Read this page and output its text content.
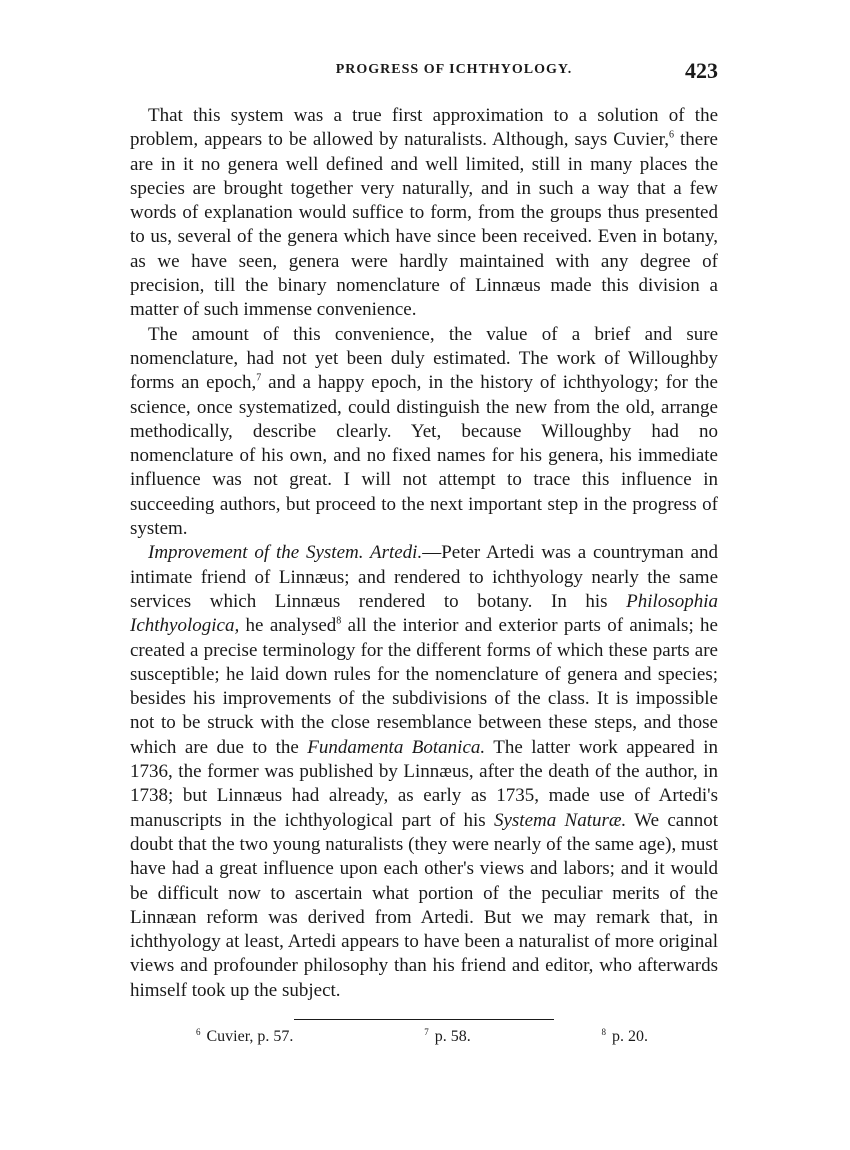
PROGRESS OF ICHTHYOLOGY.	423

That this system was a true first approximation to a solution of the problem, appears to be allowed by naturalists. Although, says Cuvier,$^6$ there are in it no genera well defined and well limited, still in many places the species are brought together very naturally, and in such a way that a few words of explanation would suffice to form, from the groups thus presented to us, several of the genera which have since been received. Even in botany, as we have seen, genera were hardly maintained with any degree of precision, till the binary nomenclature of Linnæus made this division a matter of such immense convenience.

The amount of this convenience, the value of a brief and sure nomenclature, had not yet been duly estimated. The work of Willoughby forms an epoch,$^7$ and a happy epoch, in the history of ichthyology; for the science, once systematized, could distinguish the new from the old, arrange methodically, describe clearly. Yet, because Willoughby had no nomenclature of his own, and no fixed names for his genera, his immediate influence was not great. I will not attempt to trace this influence in succeeding authors, but proceed to the next important step in the progress of system.

Improvement of the System. Artedi.—Peter Artedi was a countryman and intimate friend of Linnæus; and rendered to ichthyology nearly the same services which Linnæus rendered to botany. In his Philosophia Ichthyologica, he analysed$^8$ all the interior and exterior parts of animals; he created a precise terminology for the different forms of which these parts are susceptible; he laid down rules for the nomenclature of genera and species; besides his improvements of the subdivisions of the class. It is impossible not to be struck with the close resemblance between these steps, and those which are due to the Fundamenta Botanica. The latter work appeared in 1736, the former was published by Linnæus, after the death of the author, in 1738; but Linnæus had already, as early as 1735, made use of Artedi's manuscripts in the ichthyological part of his Systema Naturæ. We cannot doubt that the two young naturalists (they were nearly of the same age), must have had a great influence upon each other's views and labors; and it would be difficult now to ascertain what portion of the peculiar merits of the Linnæan reform was derived from Artedi. But we may remark that, in ichthyology at least, Artedi appears to have been a naturalist of more original views and profounder philosophy than his friend and editor, who afterwards himself took up the subject.

$^6$ Cuvier, p. 57.	$^7$ p. 58.	$^8$ p. 20.
